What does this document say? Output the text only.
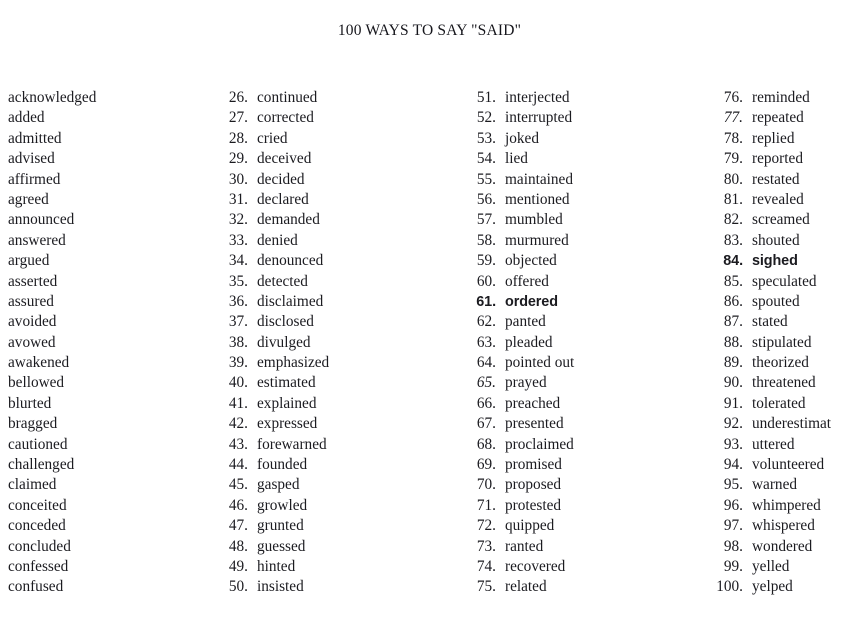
100 WAYS TO SAY "SAID"
acknowledged
added
admitted
advised
affirmed
agreed
announced
answered
argued
asserted
assured
avoided
avowed
awakened
bellowed
blurted
bragged
cautioned
challenged
claimed
conceited
conceded
concluded
confessed
confused
26. continued
27. corrected
28. cried
29. deceived
30. decided
31. declared
32. demanded
33. denied
34. denounced
35. detected
36. disclaimed
37. disclosed
38. divulged
39. emphasized
40. estimated
41. explained
42. expressed
43. forewarned
44. founded
45. gasped
46. growled
47. grunted
48. guessed
49. hinted
50. insisted
51. interjected
52. interrupted
53. joked
54. lied
55. maintained
56. mentioned
57. mumbled
58. murmured
59. objected
60. offered
61. ordered
62. panted
63. pleaded
64. pointed out
65. prayed
66. preached
67. presented
68. proclaimed
69. promised
70. proposed
71. protested
72. quipped
73. ranted
74. recovered
75. related
76. reminded
77. repeated
78. replied
79. reported
80. restated
81. revealed
82. screamed
83. shouted
84. sighed
85. speculated
86. spouted
87. stated
88. stipulated
89. theorized
90. threatened
91. tolerated
92. underestimat
93. uttered
94. volunteered
95. warned
96. whimpered
97. whispered
98. wondered
99. yelled
100. yelped
